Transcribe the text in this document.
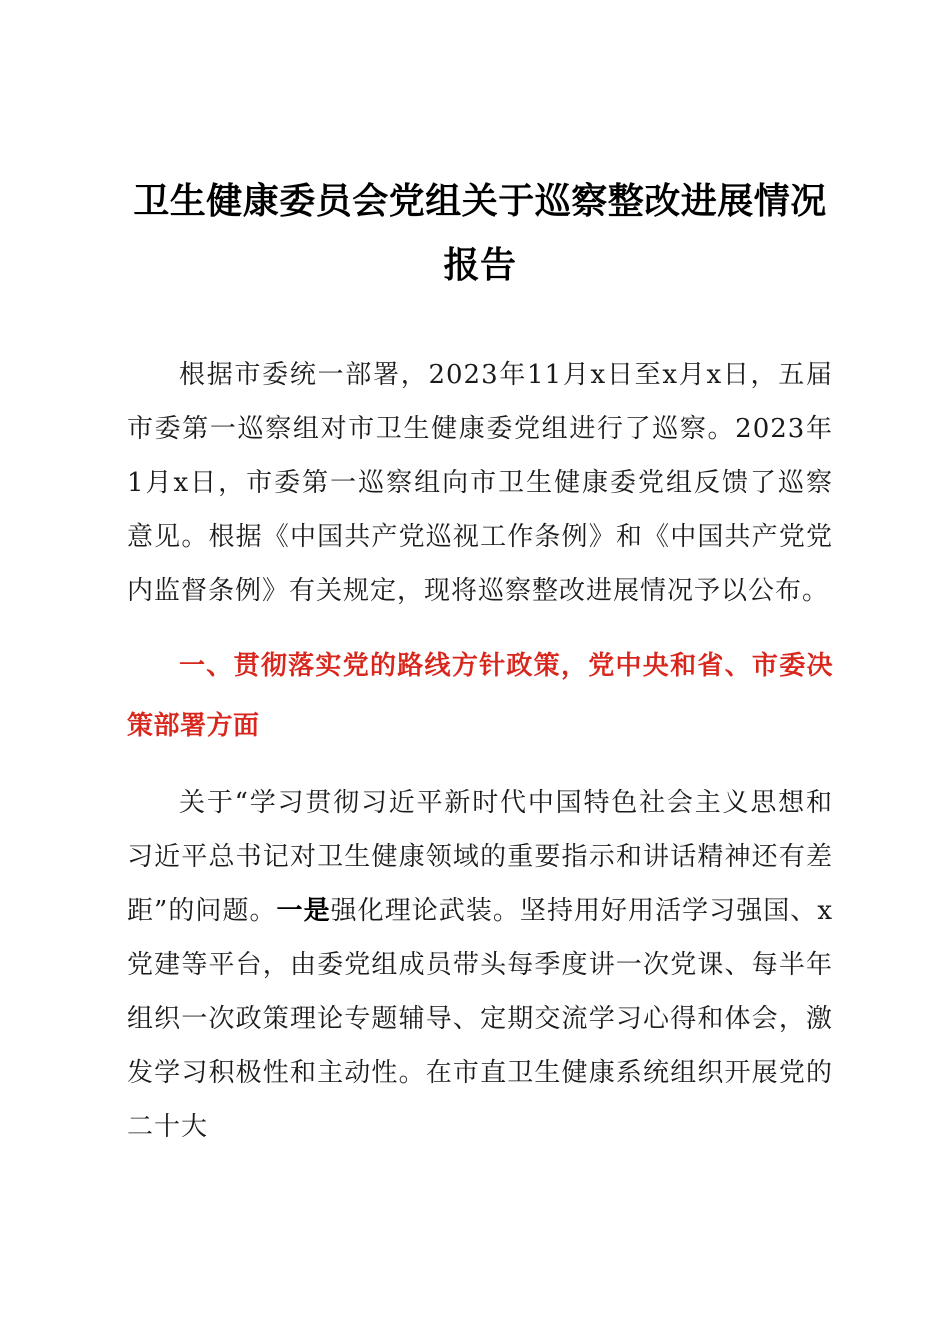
卫生健康委员会党组关于巡察整改进展情况报告

根据市委统一部署，2023年11月x日至x月x日，五届市委第一巡察组对市卫生健康委党组进行了巡察。2023年1月x日，市委第一巡察组向市卫生健康委党组反馈了巡察意见。根据《中国共产党巡视工作条例》和《中国共产党党内监督条例》有关规定，现将巡察整改进展情况予以公布。

一、贯彻落实党的路线方针政策，党中央和省、市委决策部署方面

关于“学习贯彻习近平新时代中国特色社会主义思想和习近平总书记对卫生健康领域的重要指示和讲话精神还有差距”的问题。一是强化理论武装。坚持用好用活学习强国、x党建等平台，由委党组成员带头每季度讲一次党课、每半年组织一次政策理论专题辅导、定期交流学习心得和体会，激发学习积极性和主动性。在市直卫生健康系统组织开展党的二十大
